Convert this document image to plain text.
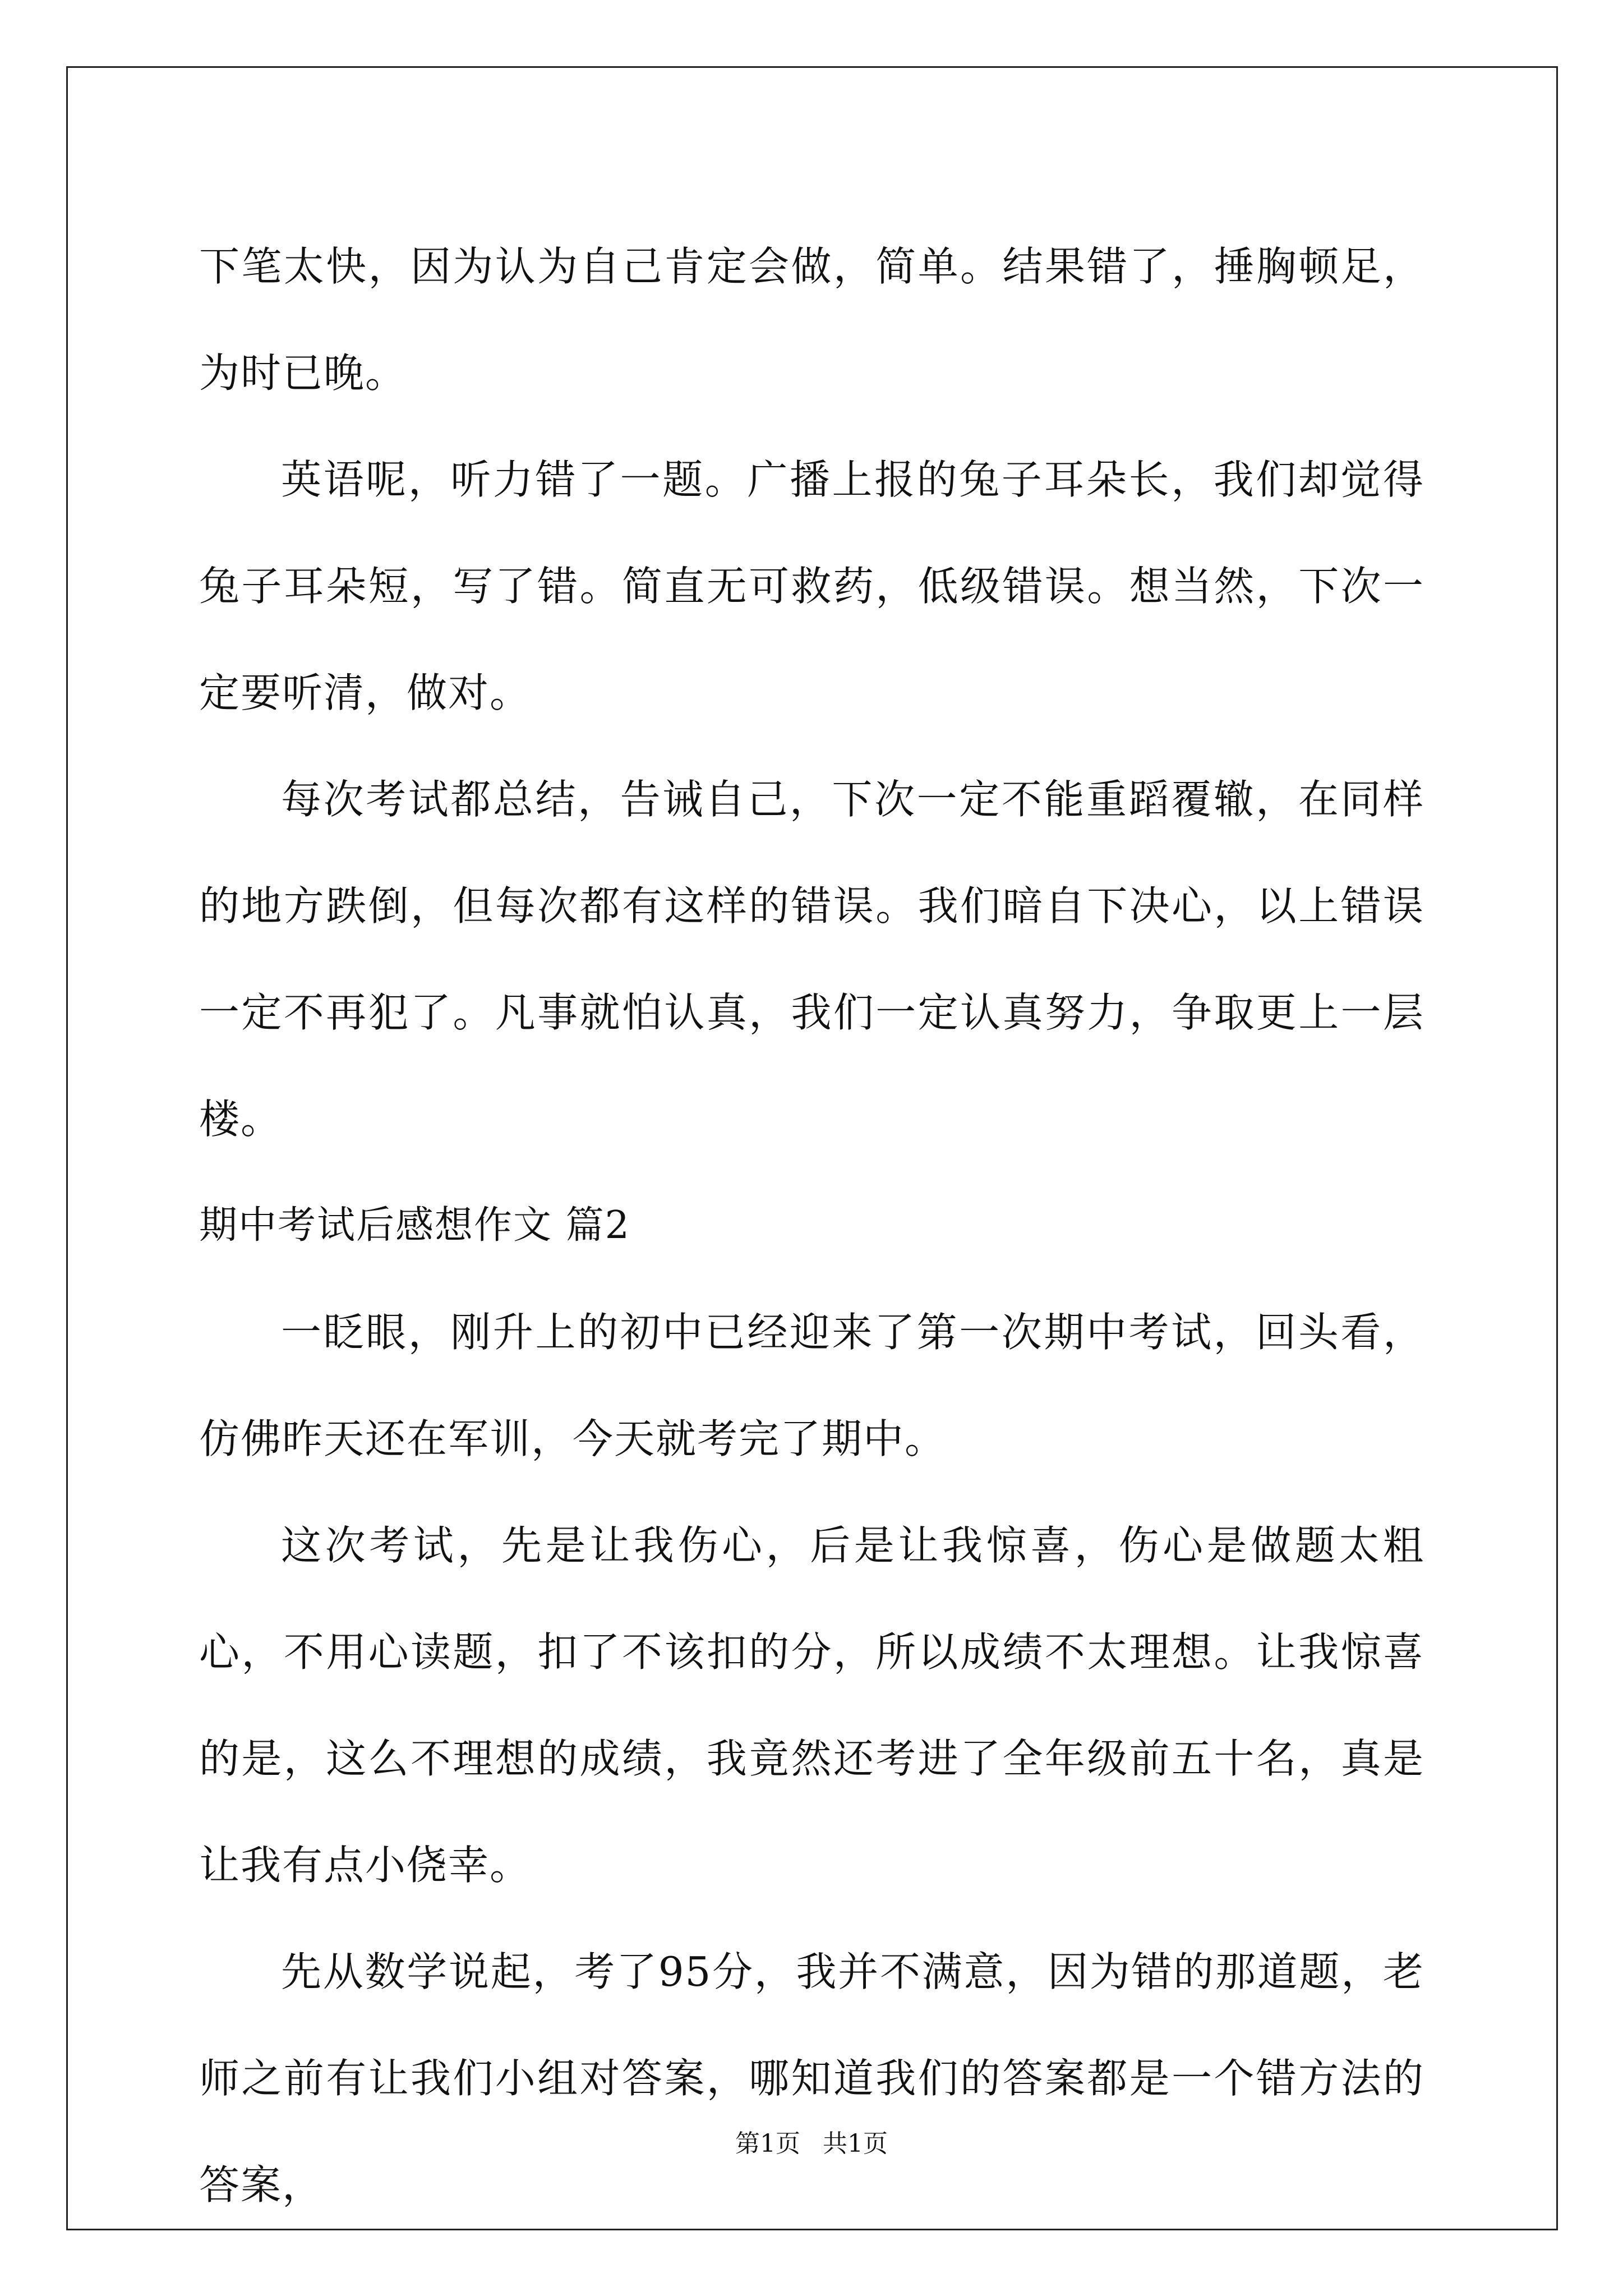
下笔太快，因为认为自己肯定会做，简单。结果错了，捶胸顿足，为时已晚。

英语呢，听力错了一题。广播上报的兔子耳朵长，我们却觉得兔子耳朵短，写了错。简直无可救药，低级错误。想当然，下次一定要听清，做对。

每次考试都总结，告诫自己，下次一定不能重蹈覆辙，在同样的地方跌倒，但每次都有这样的错误。我们暗自下决心，以上错误一定不再犯了。凡事就怕认真，我们一定认真努力，争取更上一层楼。

期中考试后感想作文 篇2

一眨眼，刚升上的初中已经迎来了第一次期中考试，回头看，仿佛昨天还在军训，今天就考完了期中。

这次考试，先是让我伤心，后是让我惊喜，伤心是做题太粗心，不用心读题，扣了不该扣的分，所以成绩不太理想。让我惊喜的是，这么不理想的成绩，我竟然还考进了全年级前五十名，真是让我有点小侥幸。

先从数学说起，考了95分，我并不满意，因为错的那道题，老师之前有让我们小组对答案，哪知道我们的答案都是一个错方法的答案，

第1页 共1页
